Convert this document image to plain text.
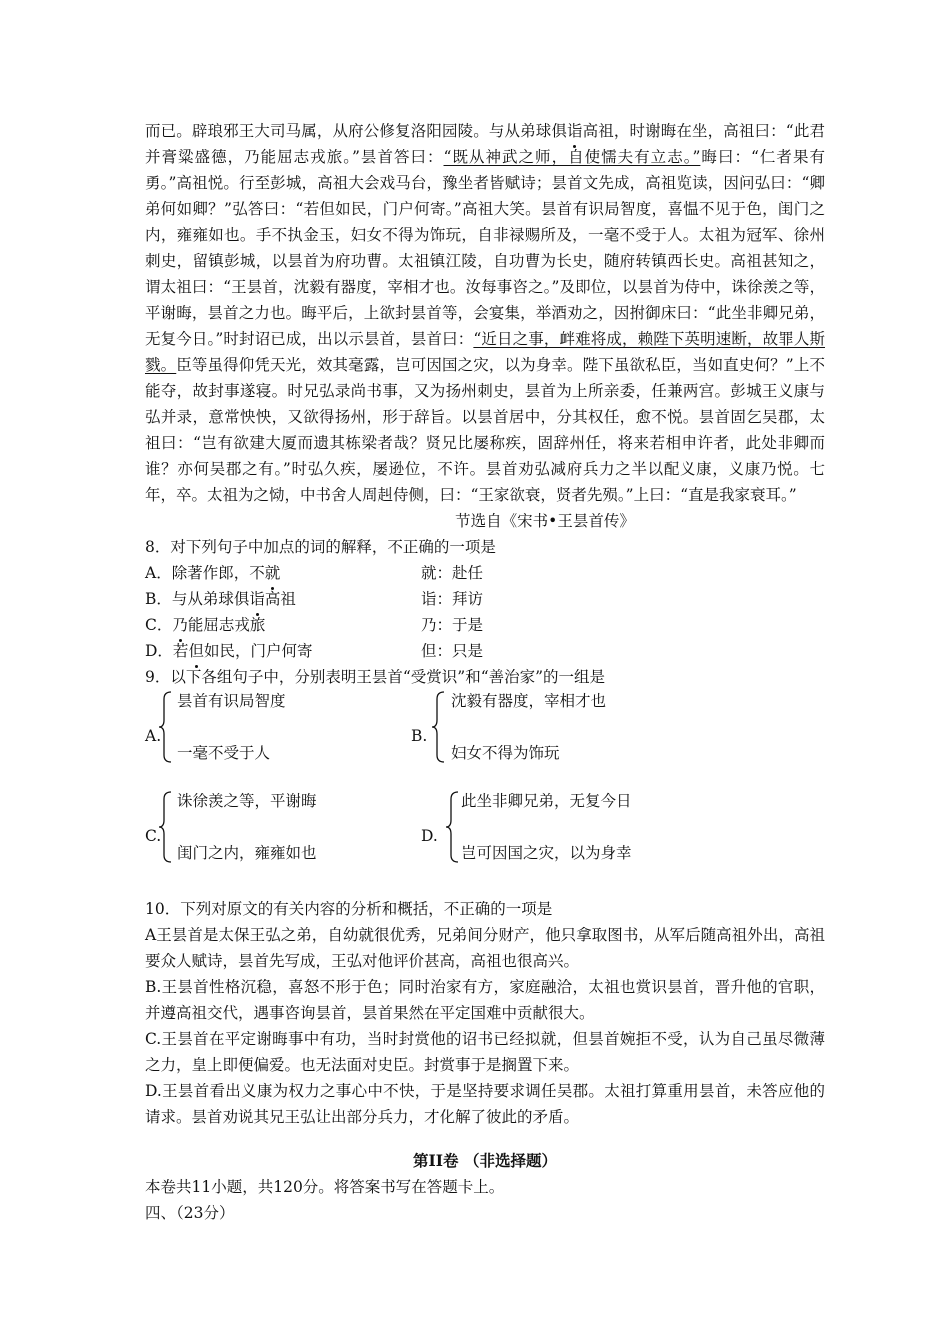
而已。辟琅邪王大司马属，从府公修复洛阳园陵。与从弟球俱诣高祖，时谢晦在坐，高祖曰：“此君并膏粱盛德，乃能屈志戎旅。”昙首答曰：“既从神武之师，自使懦夫有立志。”晦曰：“仁者果有勇。”高祖悦。行至彭城，高祖大会戏马台，豫坐者皆赋诗；昙首文先成，高祖览读，因问弘曰：“卿弟何如卿？”弘答曰：“若但如民，门户何寄。”高祖大笑。昙首有识局智度，喜愠不见于色，闺门之内，雍雍如也。手不执金玉，妇女不得为饰玩，自非禄赐所及，一毫不受于人。太祖为冠军、徐州刺史，留镇彭城，以昙首为府功曹。太祖镇江陵，自功曹为长史，随府转镇西长史。高祖甚知之，谓太祖曰：“王昙首，沈毅有器度，宰相才也。汝每事咨之。”及即位，以昙首为侍中，诛徐羡之等，平谢晦，昙首之力也。晦平后，上欲封昙首等，会宴集，举酒劝之，因拊御床曰：“此坐非卿兄弟，无复今日。”时封诏已成，出以示昙首，昙首曰：“近日之事，衅难将成，赖陛下英明速断，故罪人斯戮。臣等虽得仰凭天光，效其毫露，岂可因国之灾，以为身幸。陛下虽欲私臣，当如直史何？”上不能夺，故封事遂寝。时兄弘录尚书事，又为扬州刺史，昙首为上所亲委，任兼两宫。彭城王义康与弘并录，意常怏怏，又欲得扬州，形于辞旨。以昙首居中，分其权任，愈不悦。昙首固乞吴郡，太祖曰：“岂有欲建大厦而遗其栋梁者哉？贤兄比屡称疾，固辞州任，将来若相申许者，此处非卿而谁？亦何吴郡之有。”时弘久疾，屡逊位，不许。昙首劝弘减府兵力之半以配义康，义康乃悦。七年，卒。太祖为之恸，中书舍人周赳侍侧，曰：“王家欲衰，贤者先殒。”上曰：“直是我家衰耳。”

节选自《宋书•王昙首传》

8．对下列句子中加点的词的解释，不正确的一项是

A．除著作郎，不就	就：赴任
B．与从弟球俱诣高祖	诣：拜访
C．乃能屈志戎旅	乃：于是
D．若但如民，门户何寄	但：只是

9．以下各组句子中，分别表明王昙首“受赏识”和“善治家”的一组是

A.
昙首有识局智度
一毫不受于人
B.
沈毅有器度，宰相才也
妇女不得为饰玩
C.
诛徐羡之等，平谢晦
闺门之内，雍雍如也
D.
此坐非卿兄弟，无复今日
岂可因国之灾，以为身幸

10．下列对原文的有关内容的分析和概括，不正确的一项是

A王昙首是太保王弘之弟，自幼就很优秀，兄弟间分财产，他只拿取图书，从军后随高祖外出，高祖要众人赋诗，昙首先写成，王弘对他评价甚高，高祖也很高兴。

B.王昙首性格沉稳，喜怒不形于色；同时治家有方，家庭融洽，太祖也赏识昙首，晋升他的官职，并遵高祖交代，遇事咨询昙首，昙首果然在平定国难中贡献很大。

C.王昙首在平定谢晦事中有功，当时封赏他的诏书已经拟就，但昙首婉拒不受，认为自己虽尽微薄之力，皇上即便偏爱。也无法面对史臣。封赏事于是搁置下来。

D.王昙首看出义康为权力之事心中不快，于是坚持要求调任吴郡。太祖打算重用昙首，未答应他的请求。昙首劝说其兄王弘让出部分兵力，才化解了彼此的矛盾。

第II卷 （非选择题）

本卷共11小题，共120分。将答案书写在答题卡上。

四、（23分）
